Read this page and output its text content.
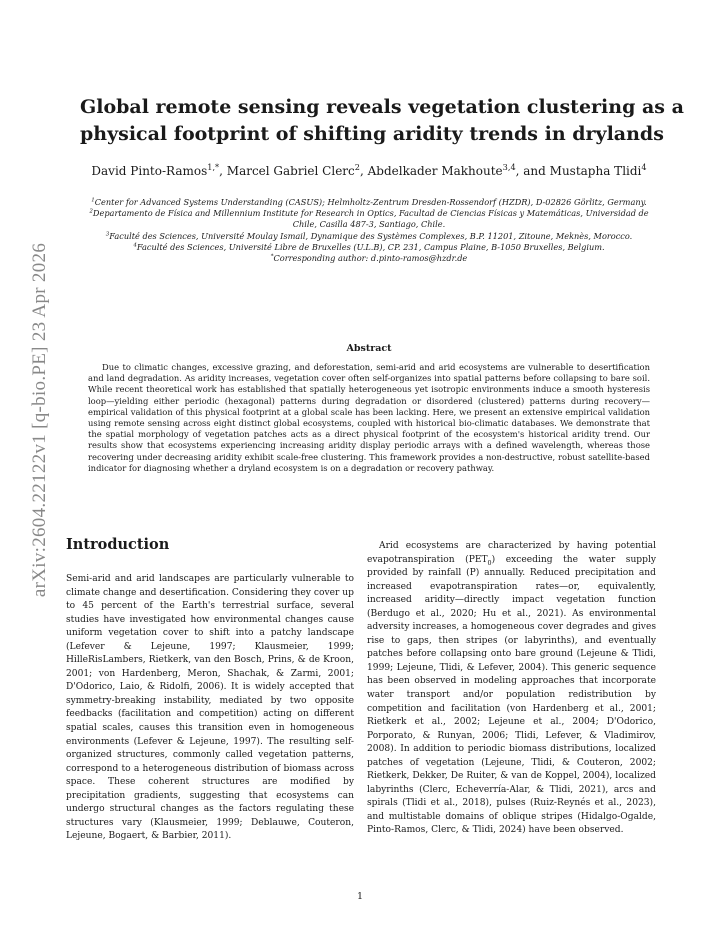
arXiv:2604.22122v1 [q-bio.PE] 23 Apr 2026
Global remote sensing reveals vegetation clustering as a
physical footprint of shifting aridity trends in drylands
David Pinto-Ramos$^{1,*}$, Marcel Gabriel Clerc$^2$, Abdelkader Makhoute$^{3,4}$, and Mustapha Tlidi$^4$

$^1$Center for Advanced Systems Understanding (CASUS); Helmholtz-Zentrum Dresden-Rossendorf (HZDR), D-02826 Görlitz, Germany.

$^2$Departamento de Física and Millennium Institute for Research in Optics, Facultad de Ciencias Físicas y Matemáticas, Universidad de Chile, Casilla 487-3, Santiago, Chile.

$^3$Faculté des Sciences, Université Moulay Ismail, Dynamique des Systèmes Complexes, B.P. 11201, Zitoune, Meknès, Morocco.

$^4$Faculté des Sciences, Université Libre de Bruxelles (U.L.B), CP. 231, Campus Plaine, B-1050 Bruxelles, Belgium.

*Corresponding author: d.pinto-ramos@hzdr.de

Abstract
Due to climatic changes, excessive grazing, and deforestation, semi-arid and arid ecosystems are vulnerable to desertification and land degradation. As aridity increases, vegetation cover often self-organizes into spatial patterns before collapsing to bare soil. While recent theoretical work has established that spatially heterogeneous yet isotropic environments induce a smooth hysteresis loop—yielding either periodic (hexagonal) patterns during degradation or disordered (clustered) patterns during recovery—empirical validation of this physical footprint at a global scale has been lacking. Here, we present an extensive empirical validation using remote sensing across eight distinct global ecosystems, coupled with historical bio-climatic databases. We demonstrate that the spatial morphology of vegetation patches acts as a direct physical footprint of the ecosystem's historical aridity trend. Our results show that ecosystems experiencing increasing aridity display periodic arrays with a defined wavelength, whereas those recovering under decreasing aridity exhibit scale-free clustering. This framework provides a non-destructive, robust satellite-based indicator for diagnosing whether a dryland ecosystem is on a degradation or recovery pathway.
Introduction

Semi-arid and arid landscapes are particularly vulnerable to climate change and desertification. Considering they cover up to 45 percent of the Earth's terrestrial surface, several studies have investigated how environmental changes cause uniform vegetation cover to shift into a patchy landscape (Lefever & Lejeune, 1997; Klausmeier, 1999; HilleRisLambers, Rietkerk, van den Bosch, Prins, & de Kroon, 2001; von Hardenberg, Meron, Shachak, & Zarmi, 2001; D'Odorico, Laio, & Ridolfi, 2006). It is widely accepted that symmetry-breaking instability, mediated by two opposite feedbacks (facilitation and competition) acting on different spatial scales, causes this transition even in homogeneous environments (Lefever & Lejeune, 1997). The resulting self-organized structures, commonly called vegetation patterns, correspond to a heterogeneous distribution of biomass across space. These coherent structures are modified by precipitation gradients, suggesting that ecosystems can undergo structural changes as the factors regulating these structures vary (Klausmeier, 1999; Deblauwe, Couteron, Lejeune, Bogaert, & Barbier, 2011).

Arid ecosystems are characterized by having potential evapotranspiration $(PET_0)$ exceeding the water supply provided by rainfall (P) annually. Reduced precipitation and increased evapotranspiration rates—or, equivalently, increased aridity—directly impact vegetation function (Berdugo et al., 2020; Hu et al., 2021). As environmental adversity increases, a homogeneous cover degrades and gives rise to gaps, then stripes (or labyrinths), and eventually patches before collapsing onto bare ground (Lejeune & Tlidi, 1999; Lejeune, Tlidi, & Lefever, 2004). This generic sequence has been observed in modeling approaches that incorporate water transport and/or population redistribution by competition and facilitation (von Hardenberg et al., 2001; Rietkerk et al., 2002; Lejeune et al., 2004; D'Odorico, Porporato, & Runyan, 2006; Tlidi, Lefever, & Vladimirov, 2008). In addition to periodic biomass distributions, localized patches of vegetation (Lejeune, Tlidi, & Couteron, 2002; Rietkerk, Dekker, De Ruiter, & van de Koppel, 2004), localized labyrinths (Clerc, Echeverría-Alar, & Tlidi, 2021), arcs and spirals (Tlidi et al., 2018), pulses (Ruiz-Reynés et al., 2023), and multistable domains of oblique stripes (Hidalgo-Ogalde, Pinto-Ramos, Clerc, & Tlidi, 2024) have been observed.

1
